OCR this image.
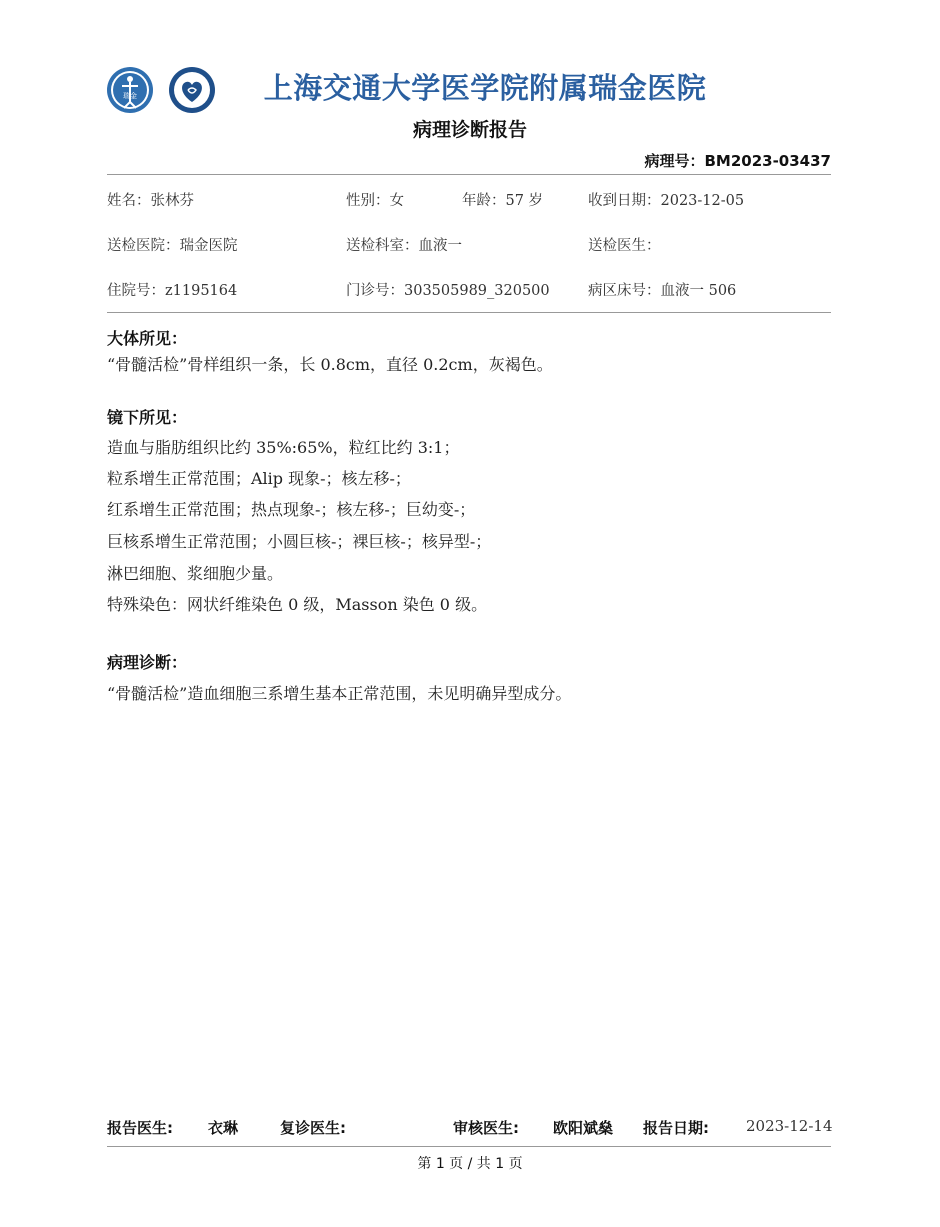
瑞金	上海交通大学医学院附属瑞金医院
病理诊断报告
病理号：BM2023-03437
姓名：张林芬	性别：女	年龄：57 岁	收到日期：2023-12-05
送检医院：瑞金医院	送检科室：血液一	送检医生：
住院号：z1195164	门诊号：303505989_320500	病区床号：血液一 506
大体所见：
“骨髓活检”骨样组织一条，长 0.8cm，直径 0.2cm，灰褐色。
镜下所见：
造血与脂肪组织比约 35%:65%，粒红比约 3:1；
粒系增生正常范围；Alip 现象-；核左移-；
红系增生正常范围；热点现象-；核左移-；巨幼变-；
巨核系增生正常范围；小圆巨核-；裸巨核-；核异型-；
淋巴细胞、浆细胞少量。
特殊染色：网状纤维染色 0 级，Masson 染色 0 级。
病理诊断：
“骨髓活检”造血细胞三系增生基本正常范围，未见明确异型成分。
报告医生: 衣琳	复诊医生:	审核医生: 欧阳斌燊 报告日期: 2023-12-14
第 1 页 / 共 1 页
